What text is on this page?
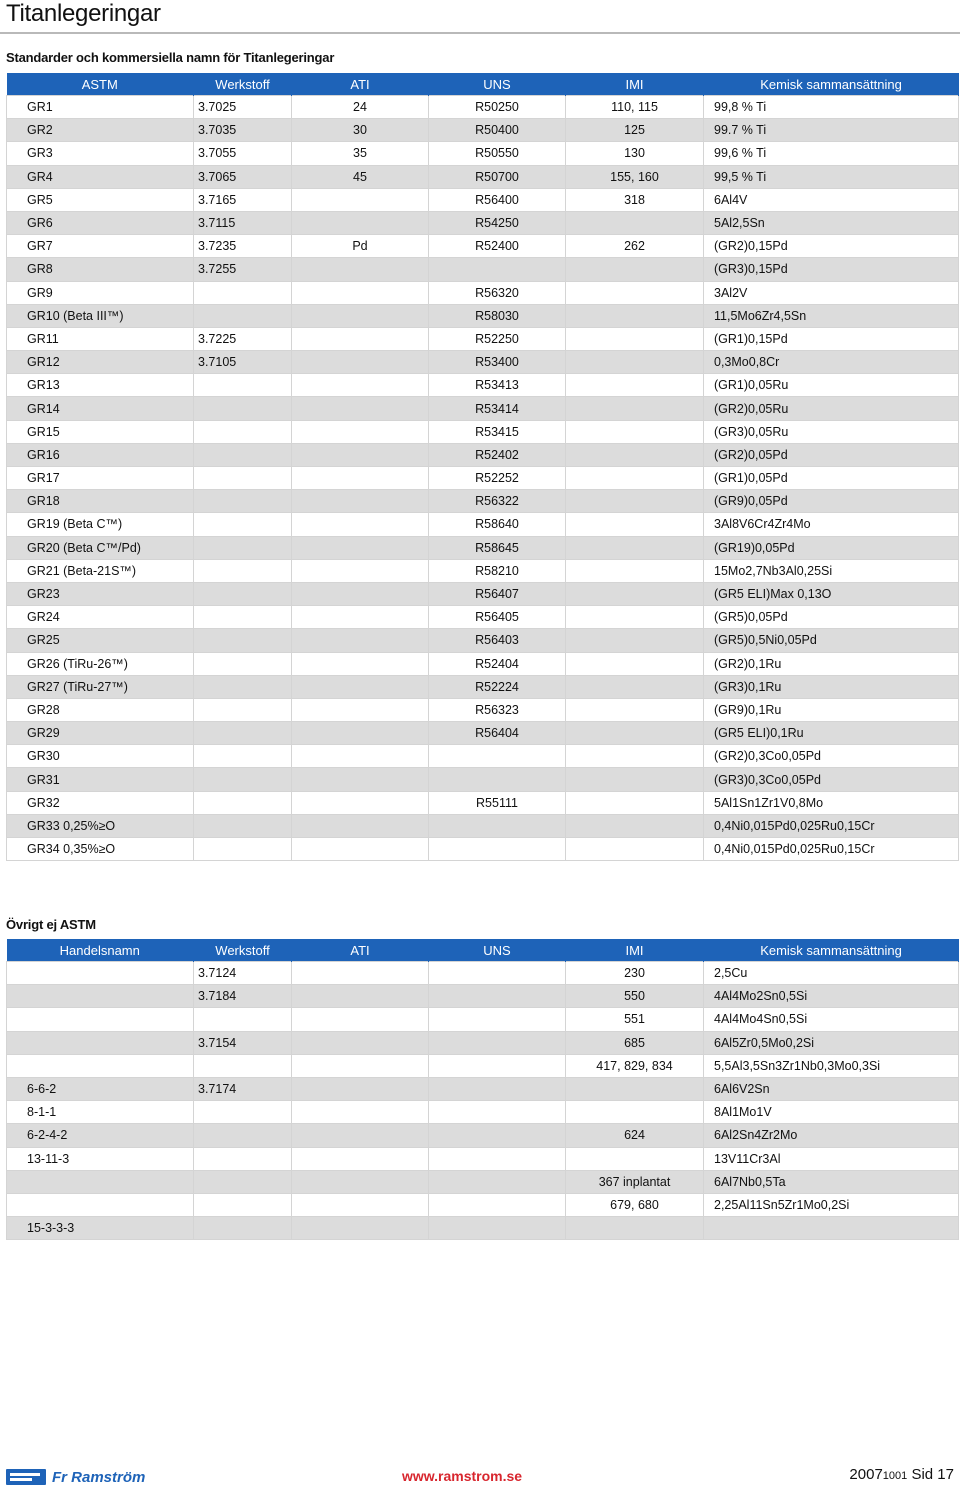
Titanlegeringar
Standarder och kommersiella namn för Titanlegeringar
ASTM	Werkstoff	ATI	UNS	IMI	Kemisk sammansättning
GR1	3.7025	24	R50250	110, 115	99,8 % Ti
GR2	3.7035	30	R50400	125	99.7 % Ti
GR3	3.7055	35	R50550	130	99,6 % Ti
GR4	3.7065	45	R50700	155, 160	99,5 % Ti
GR5	3.7165		R56400	318	6Al4V
GR6	3.7115		R54250		5Al2,5Sn
GR7	3.7235	Pd	R52400	262	(GR2)0,15Pd
GR8	3.7255				(GR3)0,15Pd
GR9			R56320		3Al2V
GR10 (Beta III™)			R58030		11,5Mo6Zr4,5Sn
GR11	3.7225		R52250		(GR1)0,15Pd
GR12	3.7105		R53400		0,3Mo0,8Cr
GR13			R53413		(GR1)0,05Ru
GR14			R53414		(GR2)0,05Ru
GR15			R53415		(GR3)0,05Ru
GR16			R52402		(GR2)0,05Pd
GR17			R52252		(GR1)0,05Pd
GR18			R56322		(GR9)0,05Pd
GR19 (Beta C™)			R58640		3Al8V6Cr4Zr4Mo
GR20 (Beta C™/Pd)			R58645		(GR19)0,05Pd
GR21 (Beta-21S™)			R58210		15Mo2,7Nb3Al0,25Si
GR23			R56407		(GR5 ELI)Max 0,13O
GR24			R56405		(GR5)0,05Pd
GR25			R56403		(GR5)0,5Ni0,05Pd
GR26 (TiRu-26™)			R52404		(GR2)0,1Ru
GR27 (TiRu-27™)			R52224		(GR3)0,1Ru
GR28			R56323		(GR9)0,1Ru
GR29			R56404		(GR5 ELI)0,1Ru
GR30					(GR2)0,3Co0,05Pd
GR31					(GR3)0,3Co0,05Pd
GR32			R55111		5Al1Sn1Zr1V0,8Mo
GR33 0,25%≥O					0,4Ni0,015Pd0,025Ru0,15Cr
GR34 0,35%≥O					0,4Ni0,015Pd0,025Ru0,15Cr
Övrigt ej ASTM
Handelsnamn	Werkstoff	ATI	UNS	IMI	Kemisk sammansättning
	3.7124			230	2,5Cu
	3.7184			550	4Al4Mo2Sn0,5Si
				551	4Al4Mo4Sn0,5Si
	3.7154			685	6Al5Zr0,5Mo0,2Si
				417, 829, 834	5,5Al3,5Sn3Zr1Nb0,3Mo0,3Si
6-6-2	3.7174				6Al6V2Sn
8-1-1					8Al1Mo1V
6-2-4-2				624	6Al2Sn4Zr2Mo
13-11-3					13V11Cr3Al
				367 inplantat	6Al7Nb0,5Ta
				679, 680	2,25Al11Sn5Zr1Mo0,2Si
15-3-3-3					
Fr Ramström	www.ramstrom.se	20071001 Sid 17
